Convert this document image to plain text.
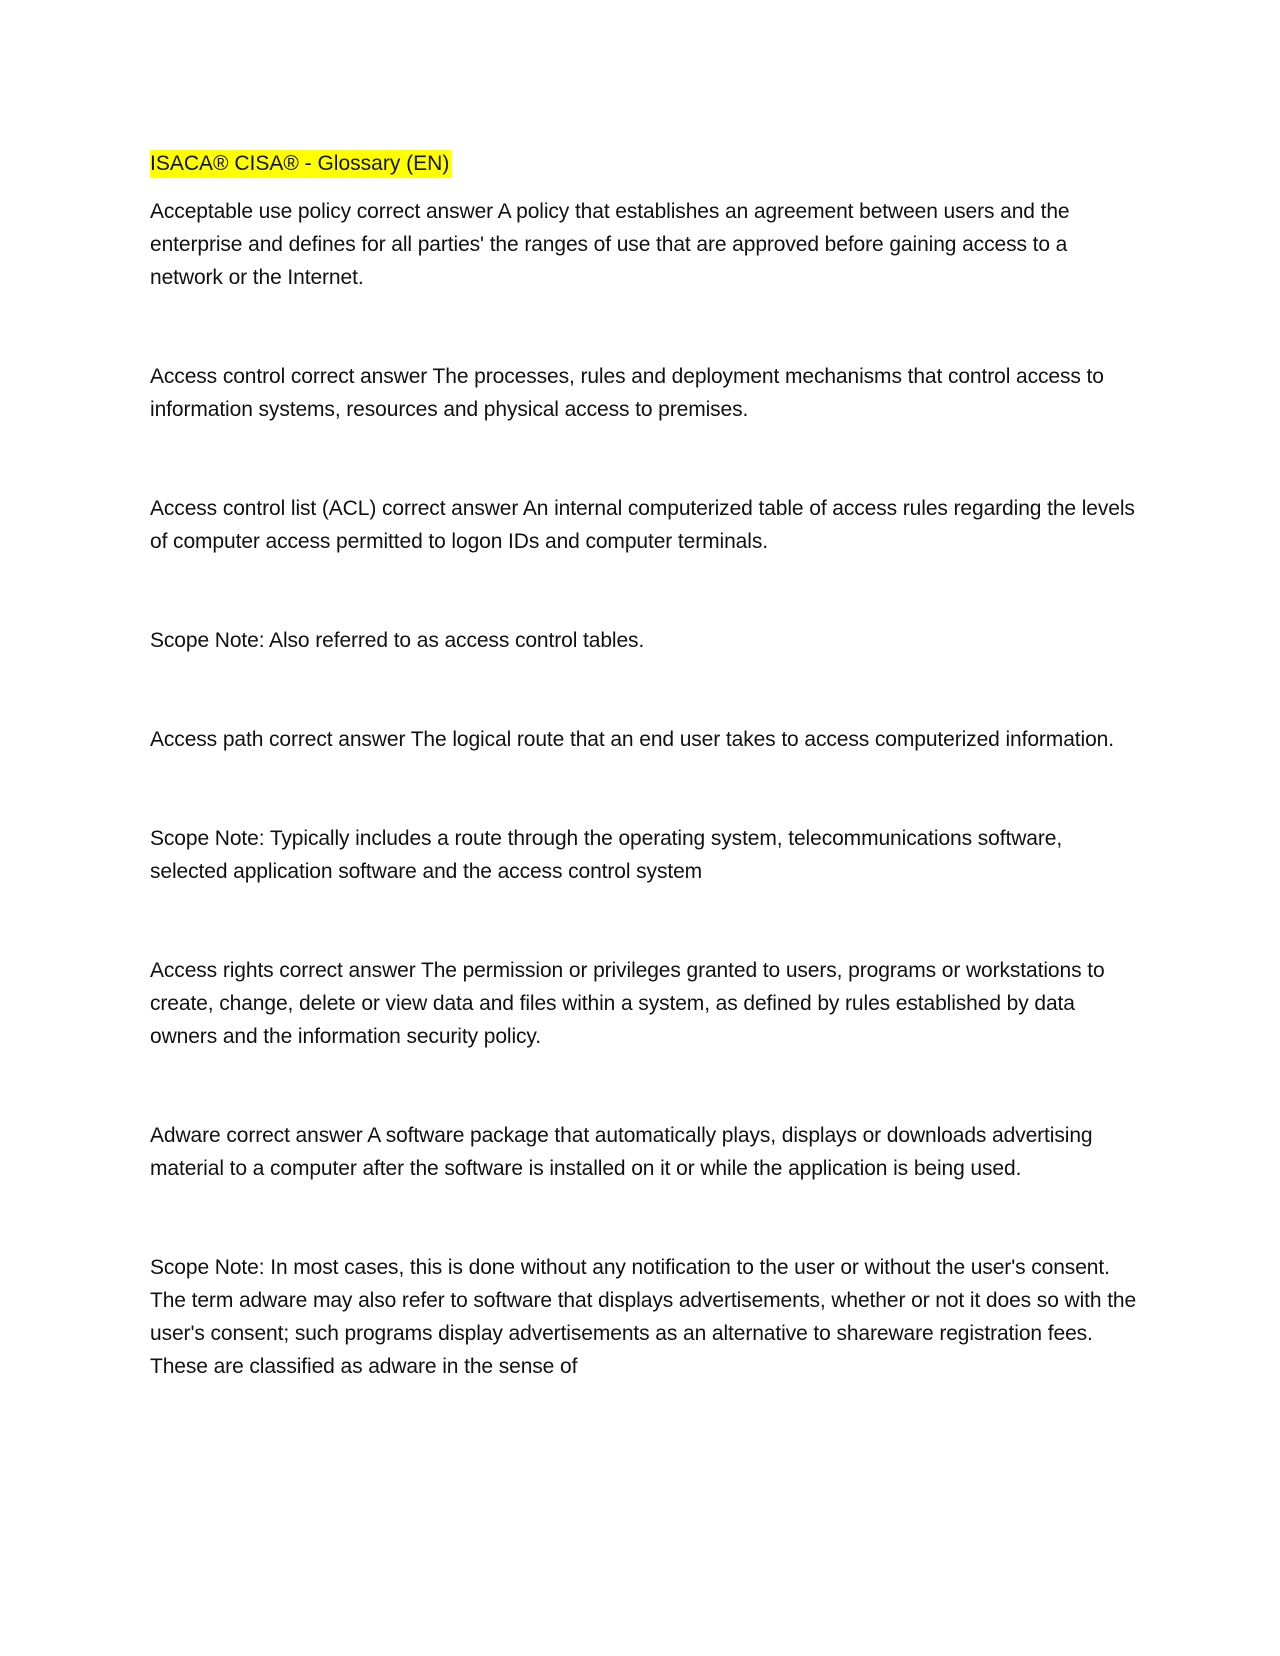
ISACA® CISA® - Glossary (EN)

Acceptable use policy correct answer A policy that establishes an agreement between users and the enterprise and defines for all parties' the ranges of use that are approved before gaining access to a network or the Internet.

Access control correct answer The processes, rules and deployment mechanisms that control access to information systems, resources and physical access to premises.

Access control list (ACL) correct answer An internal computerized table of access rules regarding the levels of computer access permitted to logon IDs and computer terminals.

Scope Note: Also referred to as access control tables.

Access path correct answer The logical route that an end user takes to access computerized information.

Scope Note: Typically includes a route through the operating system, telecommunications software, selected application software and the access control system

Access rights correct answer The permission or privileges granted to users, programs or workstations to create, change, delete or view data and files within a system, as defined by rules established by data owners and the information security policy.

Adware correct answer A software package that automatically plays, displays or downloads advertising material to a computer after the software is installed on it or while the application is being used.

Scope Note: In most cases, this is done without any notification to the user or without the user's consent. The term adware may also refer to software that displays advertisements, whether or not it does so with the user's consent; such programs display advertisements as an alternative to shareware registration fees. These are classified as adware in the sense of
